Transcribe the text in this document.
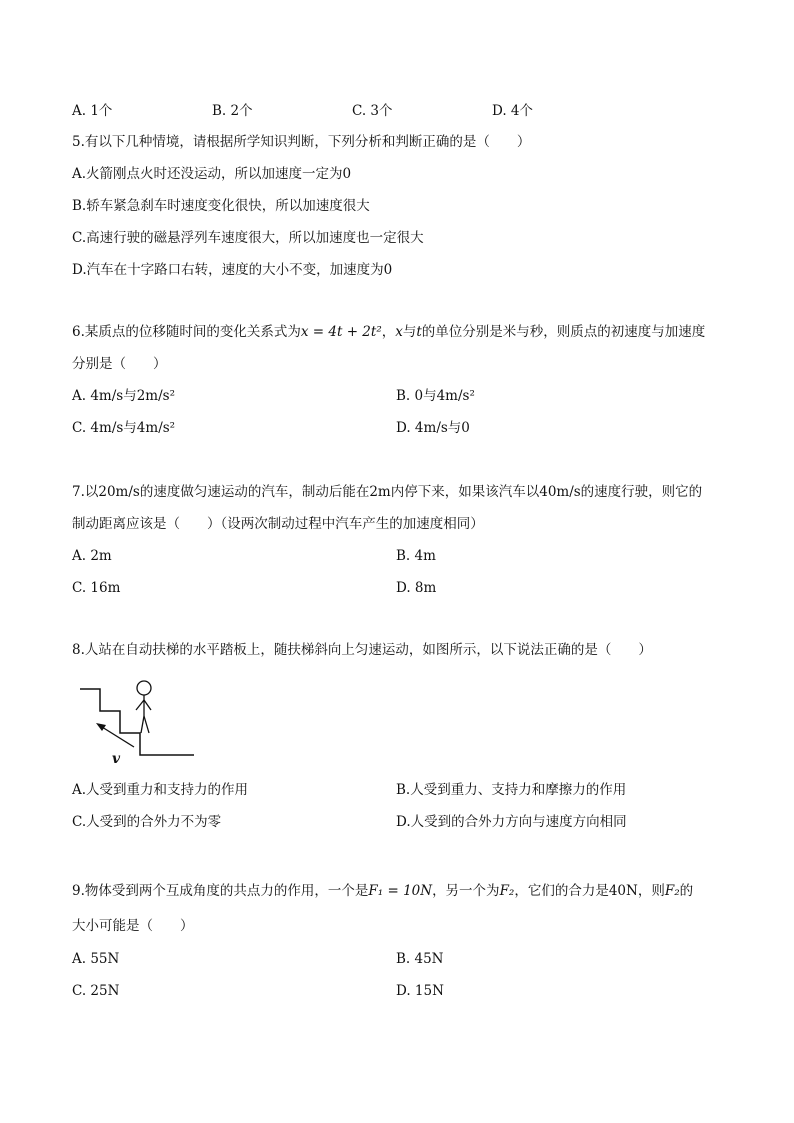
A. 1个	B. 2个	C. 3个	D. 4个
5.有以下几种情境，请根据所学知识判断，下列分析和判断正确的是（　　）
A.火箭刚点火时还没运动，所以加速度一定为0
B.轿车紧急刹车时速度变化很快，所以加速度很大
C.高速行驶的磁悬浮列车速度很大，所以加速度也一定很大
D.汽车在十字路口右转，速度的大小不变，加速度为0
6.某质点的位移随时间的变化关系式为x = 4t + 2t²，x与t的单位分别是米与秒，则质点的初速度与加速度
分别是（　　）
A. 4m/s与2m/s²	B. 0与4m/s²
C. 4m/s与4m/s²	D. 4m/s与0
7.以20m/s的速度做匀速运动的汽车，制动后能在2m内停下来，如果该汽车以40m/s的速度行驶，则它的
制动距离应该是（　　）（设两次制动过程中汽车产生的加速度相同）
A. 2m	B. 4m
C. 16m	D. 8m
8.人站在自动扶梯的水平踏板上，随扶梯斜向上匀速运动，如图所示，以下说法正确的是（　　）
v
A.人受到重力和支持力的作用	B.人受到重力、支持力和摩擦力的作用
C.人受到的合外力不为零	D.人受到的合外力方向与速度方向相同
9.物体受到两个互成角度的共点力的作用，一个是F₁ = 10N，另一个为F₂，它们的合力是40N，则F₂的
大小可能是（　　）
A. 55N	B. 45N
C. 25N	D. 15N
